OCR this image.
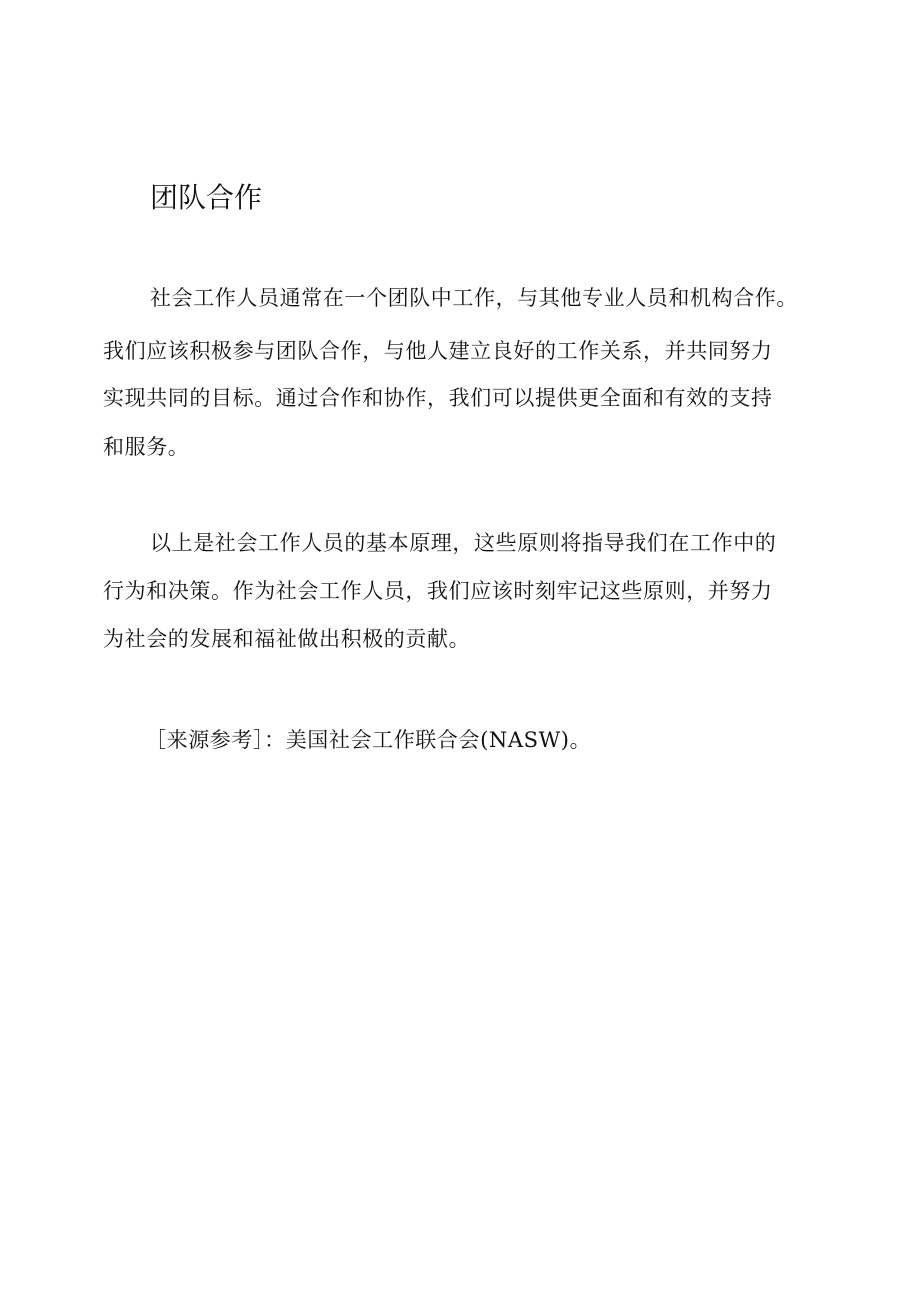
团队合作
社会工作人员通常在一个团队中工作，与其他专业人员和机构合作。
我们应该积极参与团队合作，与他人建立良好的工作关系，并共同努力
实现共同的目标。通过合作和协作，我们可以提供更全面和有效的支持
和服务。
以上是社会工作人员的基本原理，这些原则将指导我们在工作中的
行为和决策。作为社会工作人员，我们应该时刻牢记这些原则，并努力
为社会的发展和福祉做出积极的贡献。
［来源参考］：美国社会工作联合会(NASW)。
